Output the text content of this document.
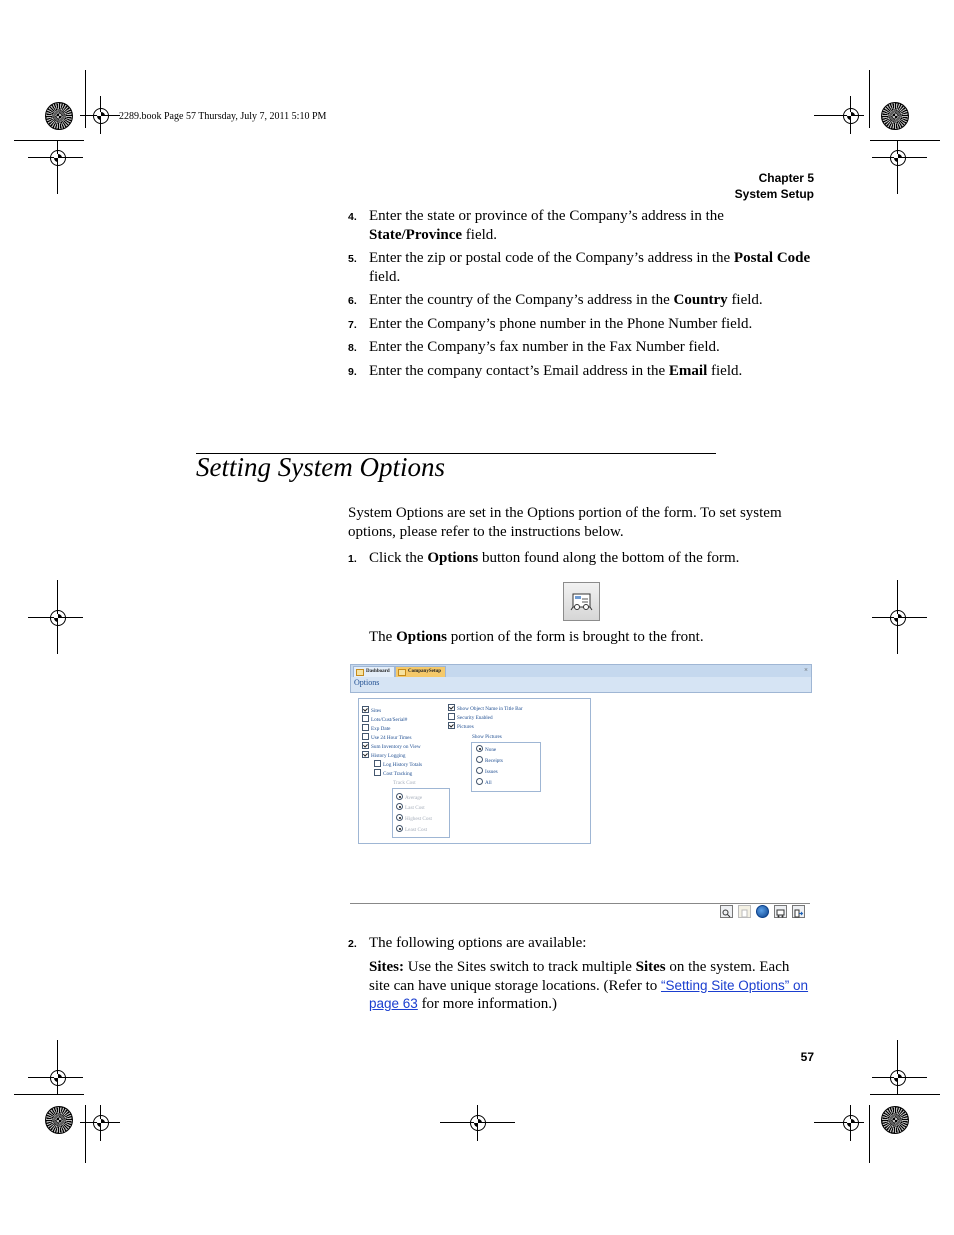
2289.book Page 57 Thursday, July 7, 2011 5:10 PM
Chapter 5
System Setup
4. Enter the state or province of the Company’s address in the State/Province field.
5. Enter the zip or postal code of the Company’s address in the Postal Code field.
6. Enter the country of the Company’s address in the Country field.
7. Enter the Company’s phone number in the Phone Number field.
8. Enter the Company’s fax number in the Fax Number field.
9. Enter the company contact’s Email address in the Email field.
Setting System Options
System Options are set in the Options portion of the form. To set system options, please refer to the instructions below.
1. Click the Options button found along the bottom of the form.
The Options portion of the form is brought to the front.
Dashboard	CompanySetup	×
Options
Sites
Lots/Cust/Serial#
Exp Date
Use 24 Hour Times
Sum Inventory on View
History Logging
Log History Totals
Cost Tracking
Track Cost
Average
Last Cost
Highest Cost
Least Cost
Show Object Name in Title Bar
Security Enabled
Pictures
Show Pictures
None
Receipts
Issues
All
2. The following options are available:
Sites: Use the Sites switch to track multiple Sites on the system. Each site can have unique storage locations. (Refer to “Setting Site Options” on page 63 for more information.)
57
